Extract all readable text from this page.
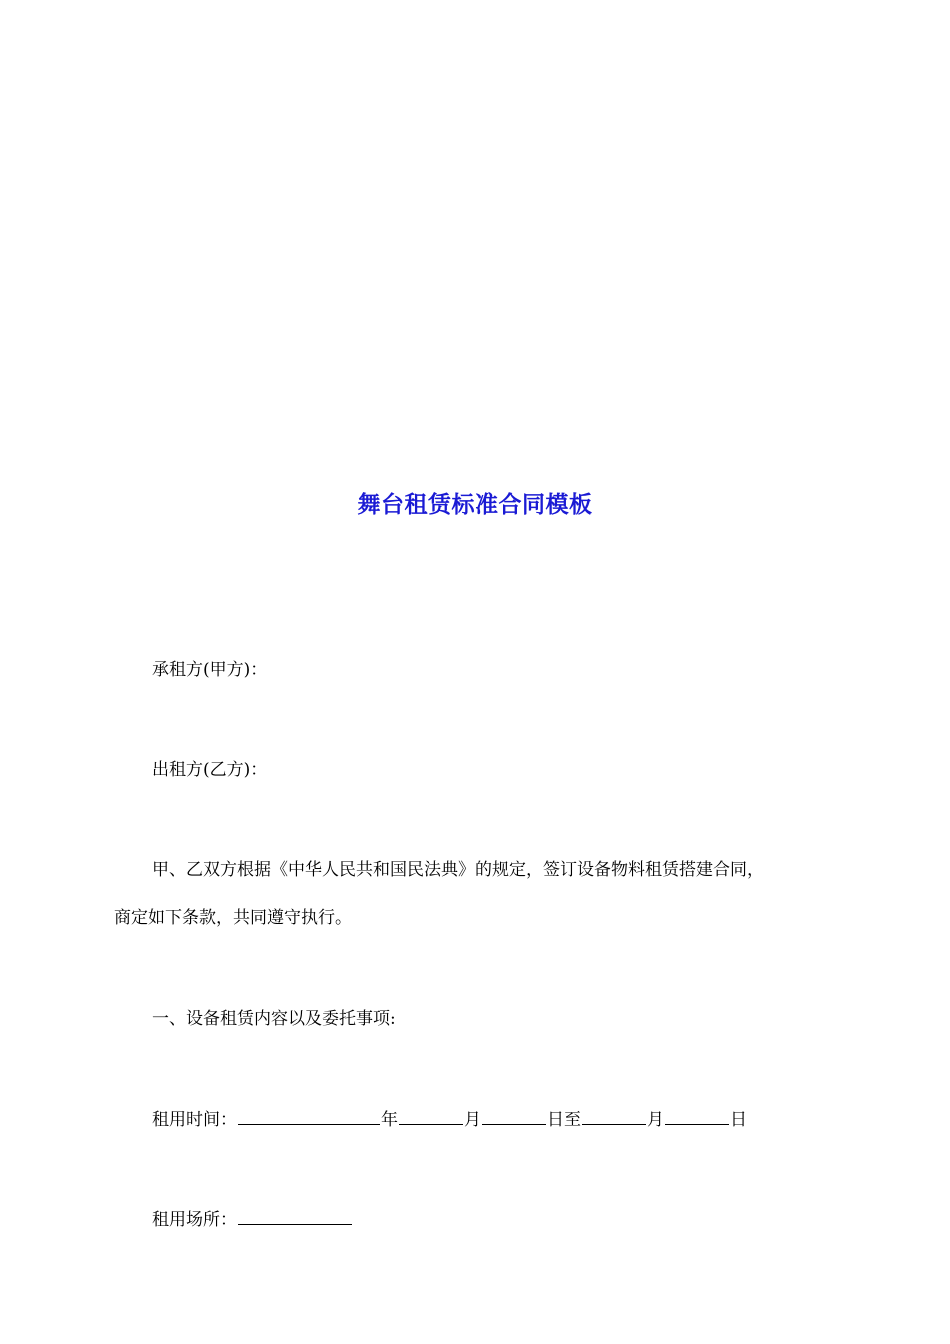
舞台租赁标准合同模板
承租方(甲方)：
出租方(乙方)：
甲、乙双方根据《中华人民共和国民法典》的规定，签订设备物料租赁搭建合同，
商定如下条款，共同遵守执行。
一、设备租赁内容以及委托事项:
租用时间：	年	月	日至	月	日
租用场所：
